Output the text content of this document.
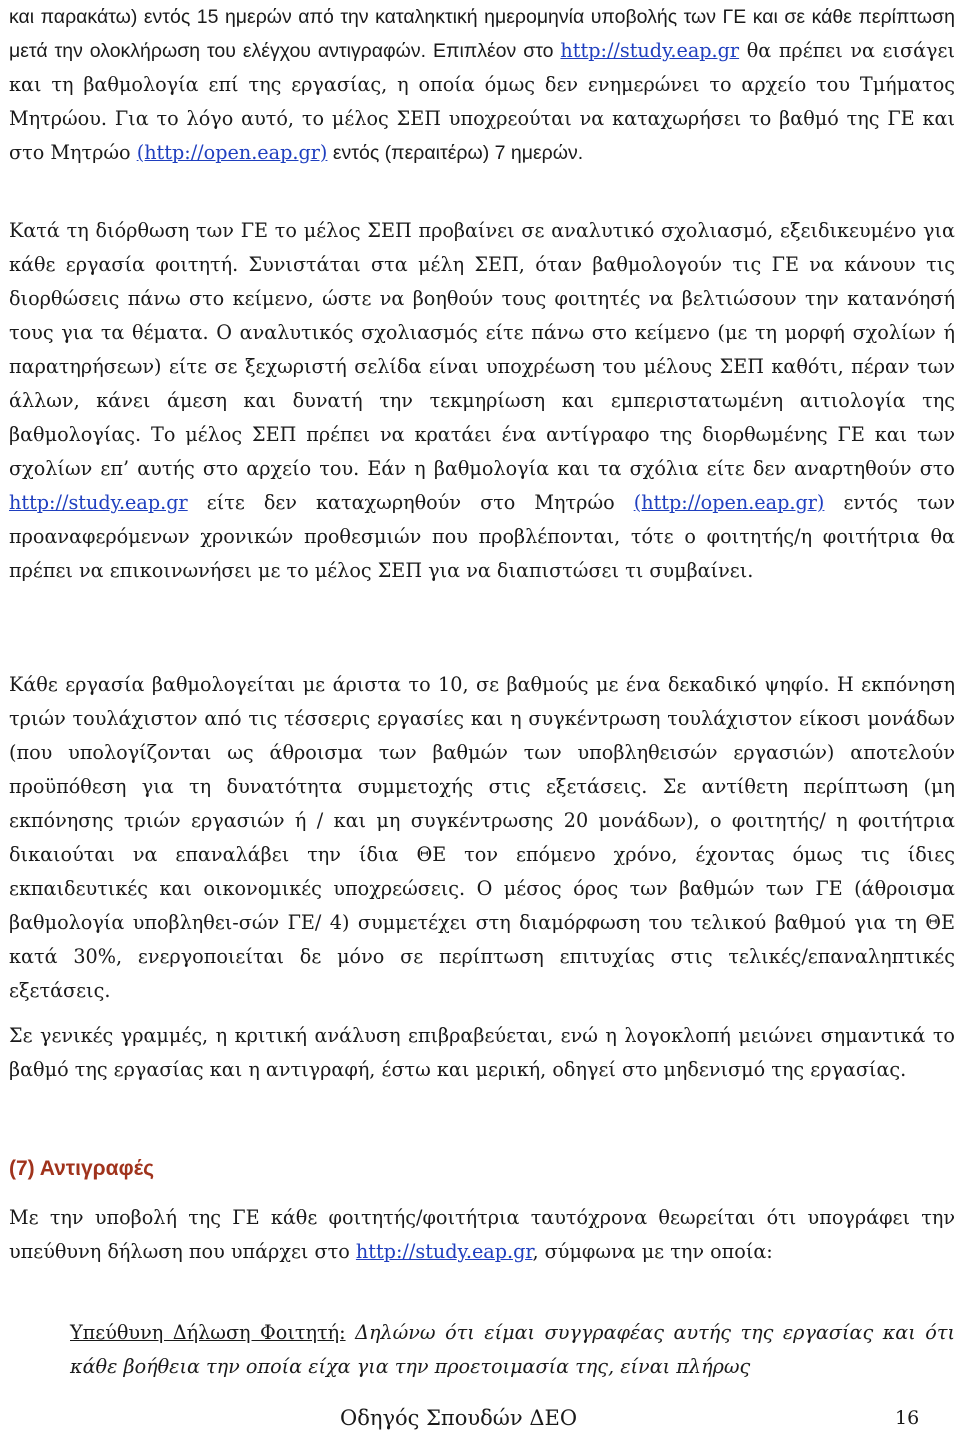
και παρακάτω) εντός 15 ημερών από την καταληκτική ημερομηνία υποβολής των ΓΕ και σε κάθε περίπτωση μετά την ολοκλήρωση του ελέγχου αντιγραφών. Επιπλέον στο http://study.eap.gr θα πρέπει να εισάγει και τη βαθμολογία επί της εργασίας, η οποία όμως δεν ενημερώνει το αρχείο του Τμήματος Μητρώου. Για το λόγο αυτό, το μέλος ΣΕΠ υποχρεούται να καταχωρήσει το βαθμό της ΓΕ και στο Μητρώο (http://open.eap.gr) εντός (περαιτέρω) 7 ημερών.

Κατά τη διόρθωση των ΓΕ το μέλος ΣΕΠ προβαίνει σε αναλυτικό σχολιασμό, εξειδικευμένο για κάθε εργασία φοιτητή. Συνιστάται στα μέλη ΣΕΠ, όταν βαθμολογούν τις ΓΕ να κάνουν τις διορθώσεις πάνω στο κείμενο, ώστε να βοηθούν τους φοιτητές να βελτιώσουν την κατανόησή τους για τα θέματα. Ο αναλυτικός σχολιασμός είτε πάνω στο κείμενο (με τη μορφή σχολίων ή παρατηρήσεων) είτε σε ξεχωριστή σελίδα είναι υποχρέωση του μέλους ΣΕΠ καθότι, πέραν των άλλων, κάνει άμεση και δυνατή την τεκμηρίωση και εμπεριστατωμένη αιτιολογία της βαθμολογίας. Το μέλος ΣΕΠ πρέπει να κρατάει ένα αντίγραφο της διορθωμένης ΓΕ και των σχολίων επ’ αυτής στο αρχείο του. Εάν η βαθμολογία και τα σχόλια είτε δεν αναρτηθούν στο http://study.eap.gr είτε δεν καταχωρηθούν στο Μητρώο (http://open.eap.gr) εντός των προαναφερόμενων χρονικών προθεσμιών που προβλέπονται, τότε ο φοιτητής/η φοιτήτρια θα πρέπει να επικοινωνήσει με το μέλος ΣΕΠ για να διαπιστώσει τι συμβαίνει.

Κάθε εργασία βαθμολογείται με άριστα το 10, σε βαθμούς με ένα δεκαδικό ψηφίο. Η εκπόνηση τριών τουλάχιστον από τις τέσσερις εργασίες και η συγκέντρωση τουλάχιστον είκοσι μονάδων (που υπολογίζονται ως άθροισμα των βαθμών των υποβληθεισών εργασιών) αποτελούν προϋπόθεση για τη δυνατότητα συμμετοχής στις εξετάσεις. Σε αντίθετη περίπτωση (μη εκπόνησης τριών εργασιών ή / και μη συγκέντρωσης 20 μονάδων), ο φοιτητής/ η φοιτήτρια δικαιούται να επαναλάβει την ίδια ΘΕ τον επόμενο χρόνο, έχοντας όμως τις ίδιες εκπαιδευτικές και οικονομικές υποχρεώσεις. Ο μέσος όρος των βαθμών των ΓΕ (άθροισμα βαθμολογία υποβληθει-σών ΓΕ/ 4) συμμετέχει στη διαμόρφωση του τελικού βαθμού για τη ΘΕ κατά 30%, ενεργοποιείται δε μόνο σε περίπτωση επιτυχίας στις τελικές/επαναληπτικές εξετάσεις.

Σε γενικές γραμμές, η κριτική ανάλυση επιβραβεύεται, ενώ η λογοκλοπή μειώνει σημαντικά το βαθμό της εργασίας και η αντιγραφή, έστω και μερική, οδηγεί στο μηδενισμό της εργασίας.

(7) Αντιγραφές

Με την υποβολή της ΓΕ κάθε φοιτητής/φοιτήτρια ταυτόχρονα θεωρείται ότι υπογράφει την υπεύθυνη δήλωση που υπάρχει στο http://study.eap.gr, σύμφωνα με την οποία:

Υπεύθυνη Δήλωση Φοιτητή: Δηλώνω ότι είμαι συγγραφέας αυτής της εργασίας και ότι κάθε βοήθεια την οποία είχα για την προετοιμασία της, είναι πλήρως

Οδηγός Σπουδών ΔΕΟ	16
